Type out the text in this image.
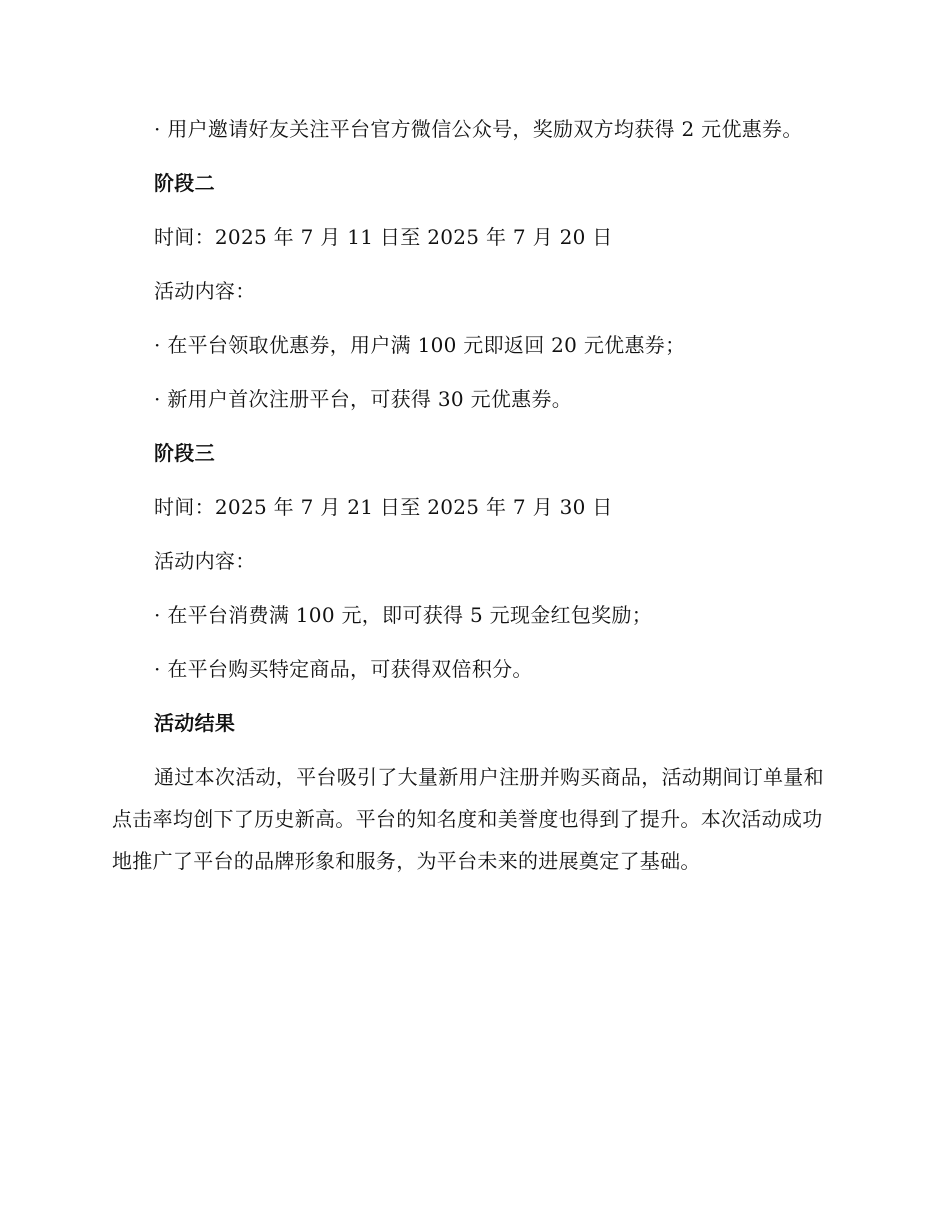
· 用户邀请好友关注平台官方微信公众号，奖励双方均获得 2 元优惠券。

阶段二

时间：2025 年 7 月 11 日至 2025 年 7 月 20 日

活动内容：

· 在平台领取优惠券，用户满 100 元即返回 20 元优惠券；

· 新用户首次注册平台，可获得 30 元优惠券。

阶段三

时间：2025 年 7 月 21 日至 2025 年 7 月 30 日

活动内容：

· 在平台消费满 100 元，即可获得 5 元现金红包奖励；

· 在平台购买特定商品，可获得双倍积分。

活动结果

通过本次活动，平台吸引了大量新用户注册并购买商品，活动期间订单量和点击率均创下了历史新高。平台的知名度和美誉度也得到了提升。本次活动成功地推广了平台的品牌形象和服务，为平台未来的进展奠定了基础。
